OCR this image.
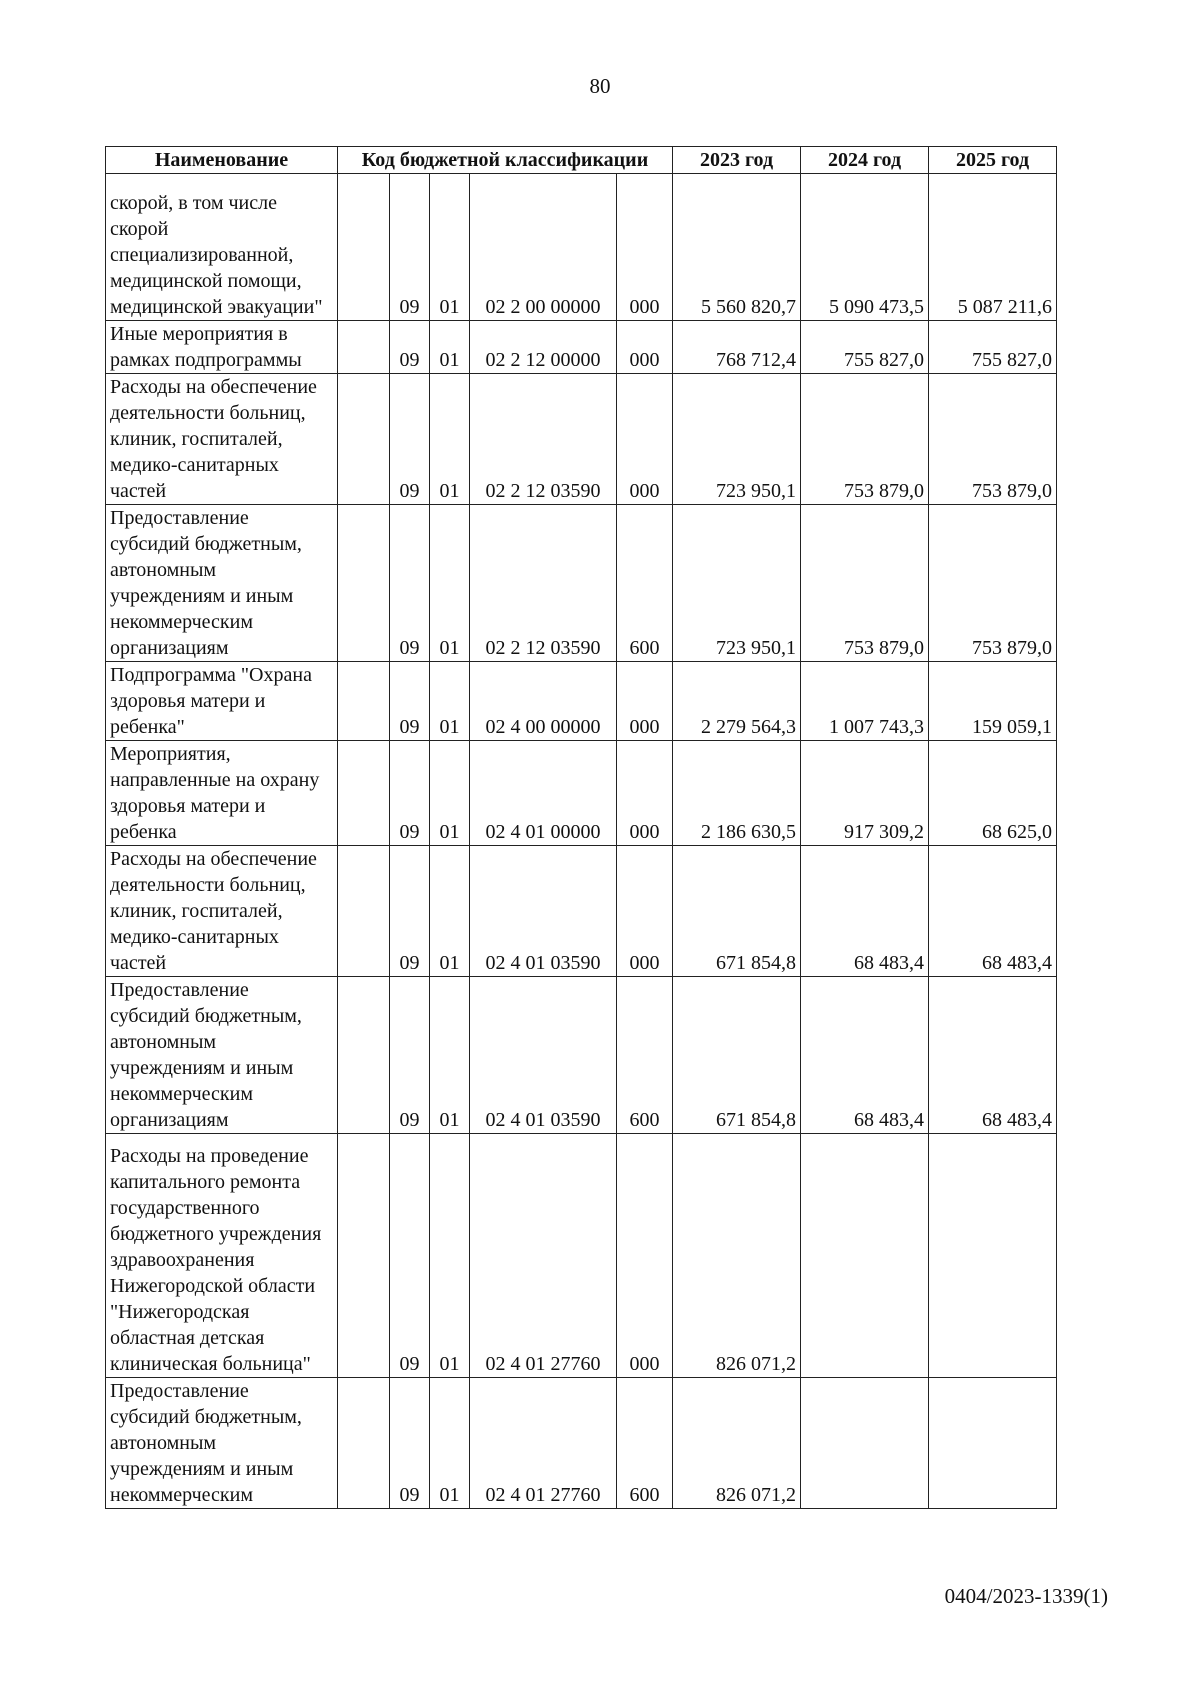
80
Наименование	Код бюджетной классификации					2023 год	2024 год	2025 год
скорой, в том числе скорой специализированной, медицинской помощи, медицинской эвакуации"		09	01	02 2 00 00000	000	5 560 820,7	5 090 473,5	5 087 211,6
Иные мероприятия в рамках подпрограммы		09	01	02 2 12 00000	000	768 712,4	755 827,0	755 827,0
Расходы на обеспечение деятельности больниц, клиник, госпиталей, медико-санитарных частей		09	01	02 2 12 03590	000	723 950,1	753 879,0	753 879,0
Предоставление субсидий бюджетным, автономным учреждениям и иным некоммерческим организациям		09	01	02 2 12 03590	600	723 950,1	753 879,0	753 879,0
Подпрограмма "Охрана здоровья матери и ребенка"		09	01	02 4 00 00000	000	2 279 564,3	1 007 743,3	159 059,1
Мероприятия, направленные на охрану здоровья матери и ребенка		09	01	02 4 01 00000	000	2 186 630,5	917 309,2	68 625,0
Расходы на обеспечение деятельности больниц, клиник, госпиталей, медико-санитарных частей		09	01	02 4 01 03590	000	671 854,8	68 483,4	68 483,4
Предоставление субсидий бюджетным, автономным учреждениям и иным некоммерческим организациям		09	01	02 4 01 03590	600	671 854,8	68 483,4	68 483,4
Расходы на проведение капитального ремонта государственного бюджетного учреждения здравоохранения Нижегородской области "Нижегородская областная детская клиническая больница"		09	01	02 4 01 27760	000	826 071,2		
Предоставление субсидий бюджетным, автономным учреждениям и иным некоммерческим		09	01	02 4 01 27760	600	826 071,2		
0404/2023-1339(1)
